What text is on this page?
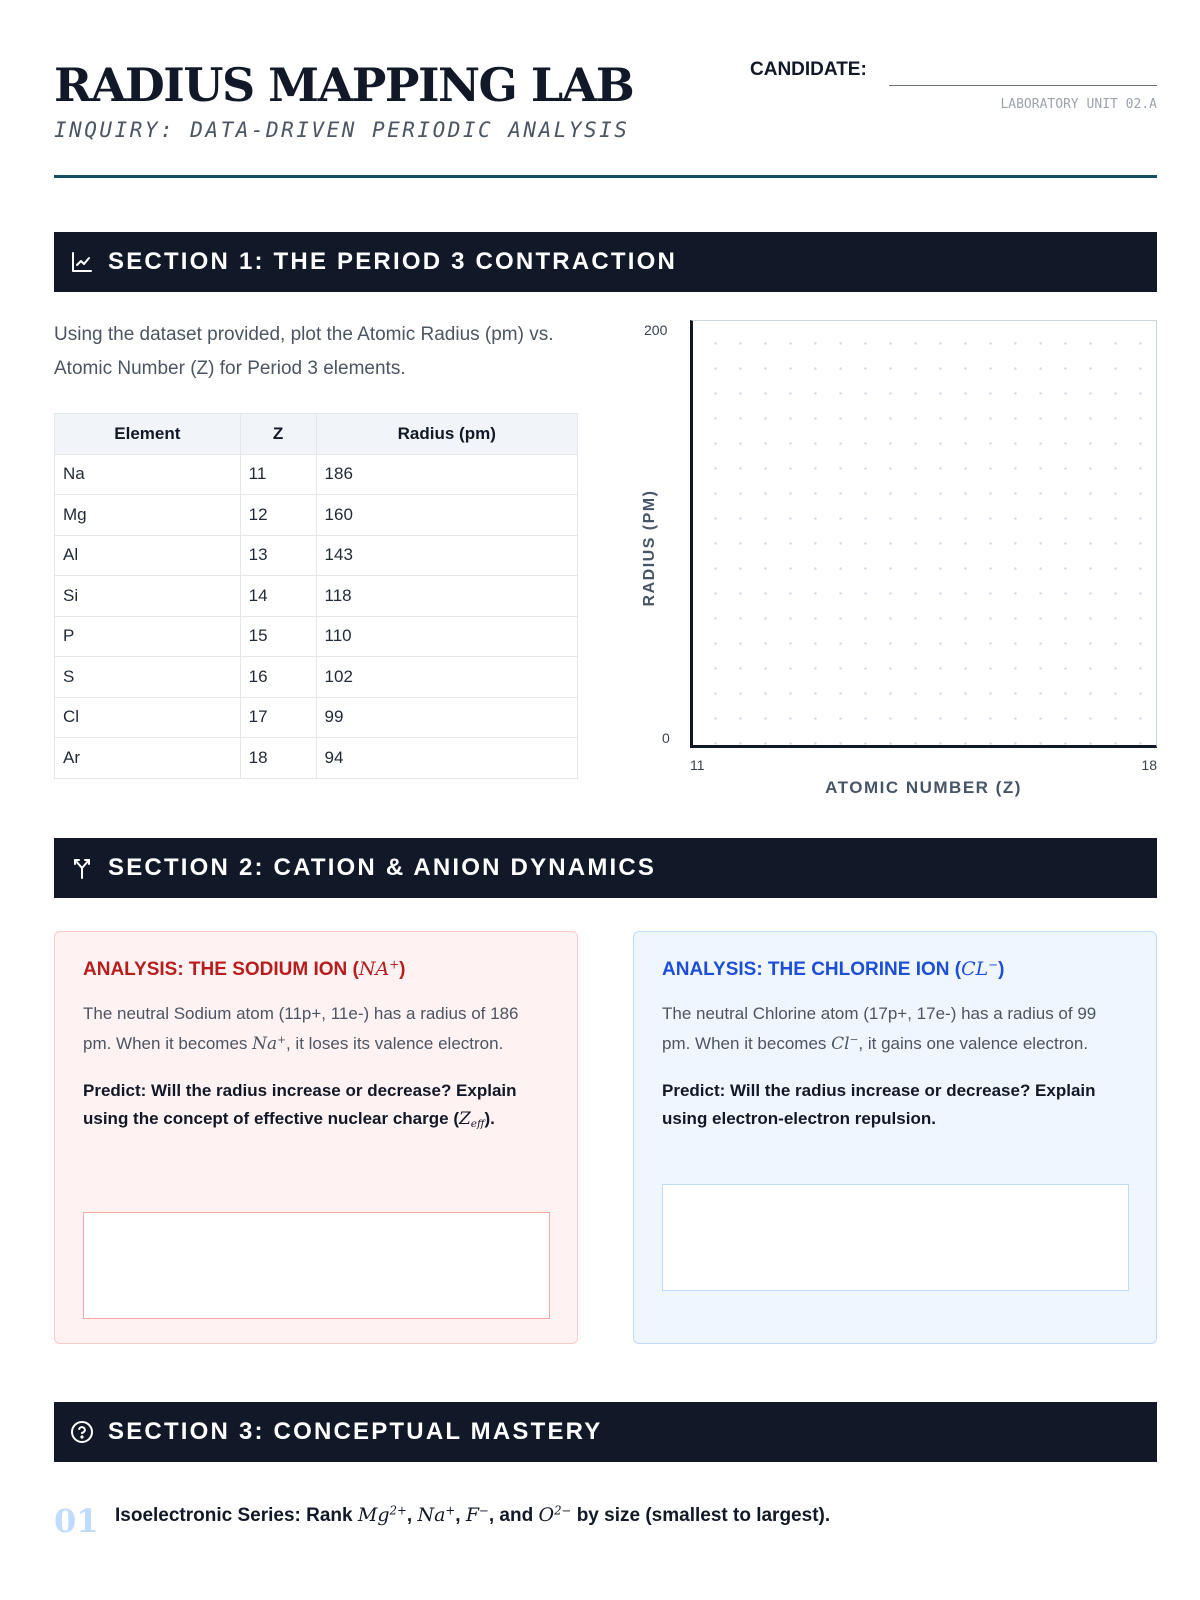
RADIUS MAPPING LAB
INQUIRY: DATA-DRIVEN PERIODIC ANALYSIS
CANDIDATE:
LABORATORY UNIT 02.A
SECTION 1: THE PERIOD 3 CONTRACTION

Using the dataset provided, plot the Atomic Radius (pm) vs. Atomic Number (Z) for Period 3 elements.

Element	Z	Radius (pm)
Na	11	186
Mg	12	160
Al	13	143
Si	14	118
P	15	110
S	16	102
Cl	17	99
Ar	18	94
200
0
RADIUS (PM)
11	18
ATOMIC NUMBER (Z)
SECTION 2: CATION & ANION DYNAMICS
ANALYSIS: THE SODIUM ION (NA+)

The neutral Sodium atom (11p+, 11e-) has a radius of 186 pm. When it becomes Na+, it loses its valence electron.

Predict: Will the radius increase or decrease? Explain using the concept of effective nuclear charge $(Z_{eff})$.

ANALYSIS: THE CHLORINE ION (CL−)

The neutral Chlorine atom (17p+, 17e-) has a radius of 99 pm. When it becomes Cl−, it gains one valence electron.

Predict: Will the radius increase or decrease? Explain using electron-electron repulsion.

SECTION 3: CONCEPTUAL MASTERY
01 Isoelectronic Series: Rank $Mg^{2+}$, Na+, F−, and $O^{2-}$ by size (smallest to largest).
